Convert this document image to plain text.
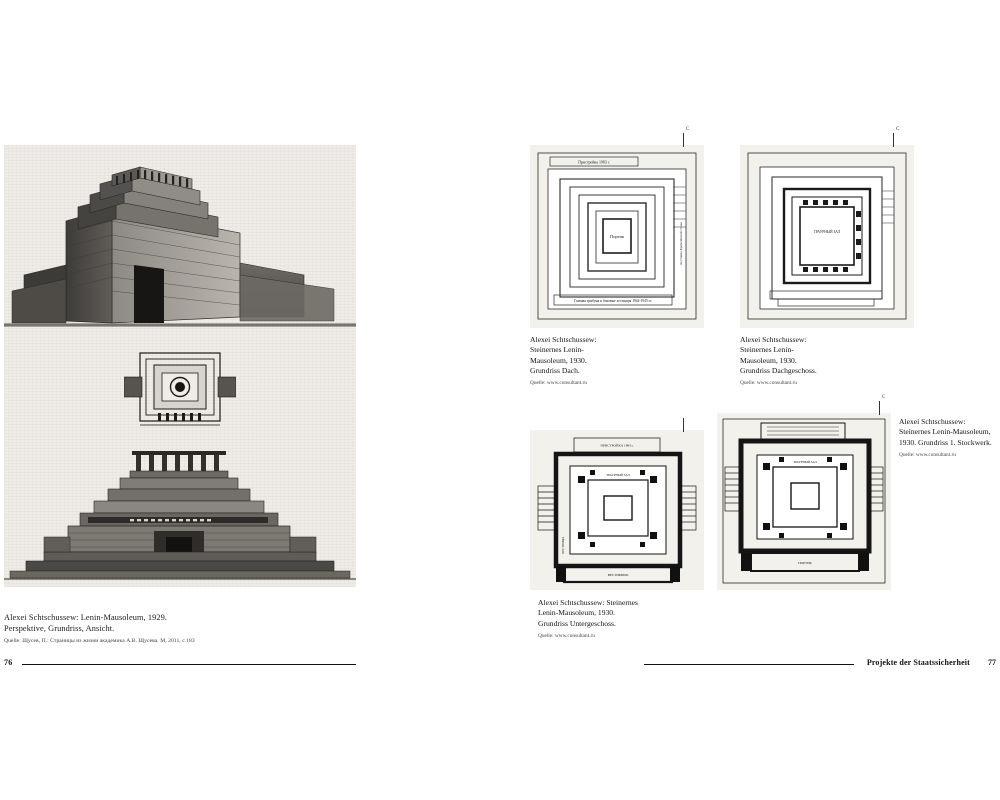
Alexei Schtschussew: Lenin-Mausoleum, 1929.
Perspektive, Grundriss, Ansicht.
Quelle: Щусев, П.: Страницы из жизни академика А.В. Щусева. М, 2011, с.183
76
Портик
Пристройка 1983 г.
Главная трибуна и боковые лестницы 1944-1945 гг.
Лестница Кремлёвской стены
C
Alexei Schtschussew:
Steinernes Lenin-
Mausoleum, 1930.
Grundriss Dach.
Quelle: www.consultant.ru
ТРАУРНЫЙ ЗАЛ
C
Alexei Schtschussew:
Steinernes Lenin-
Mausoleum, 1930.
Grundriss Dachgeschoss.
Quelle: www.consultant.ru
ПРИСТРОЙКА 1983 г.
ТРАУРНЫЙ ЗАЛ
ЛЕСТНИЦА
ВЕСТИБЮЛЬ
Alexei Schtschussew: Steinernes
Lenin-Mausoleum, 1930.
Grundriss Untergeschoss.
Quelle: www.consultant.ru
ТРАУРНЫЙ ЗАЛ
ПОРТИК
C
Alexei Schtschussew:
Steinernes Lenin-Mausoleum,
1930. Grundriss 1. Stockwerk.
Quelle: www.consultant.ru
Projekte der Staatssicherheit 77
